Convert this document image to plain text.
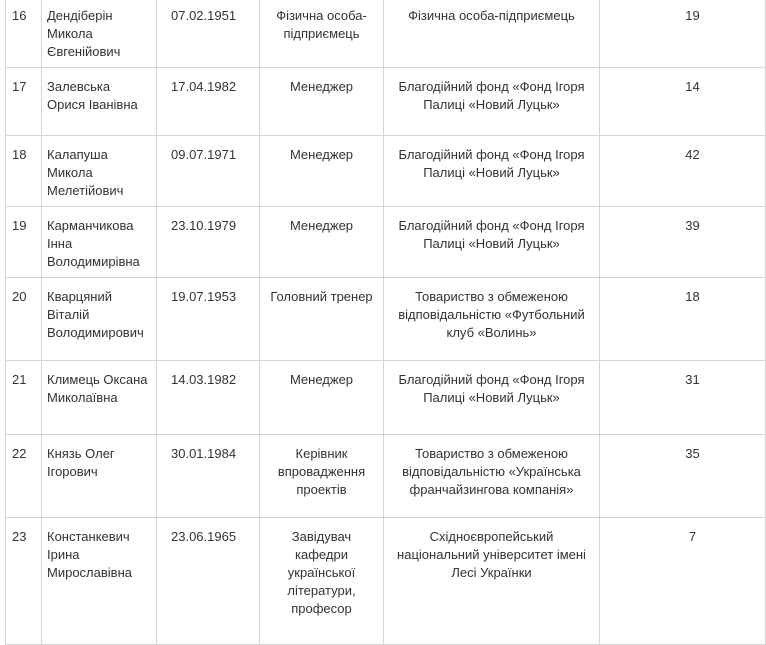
16	Дендіберін Микола Євгенійович	07.02.1951	Фізична особа-підприємець	Фізична особа-підприємець	19
17	Залевська Орися Іванівна	17.04.1982	Менеджер	Благодійний фонд «Фонд Ігоря Палиці «Новий Луцьк»	14
18	Калапуша Микола Мелетійович	09.07.1971	Менеджер	Благодійний фонд «Фонд Ігоря Палиці «Новий Луцьк»	42
19	Карманчикова Інна Володимирівна	23.10.1979	Менеджер	Благодійний фонд «Фонд Ігоря Палиці «Новий Луцьк»	39
20	Кварцяний Віталій Володимирович	19.07.1953	Головний тренер	Товариство з обмеженою відповідальністю «Футбольний клуб «Волинь»	18
21	Климець Оксана Миколаївна	14.03.1982	Менеджер	Благодійний фонд «Фонд Ігоря Палиці «Новий Луцьк»	31
22	Князь Олег Ігорович	30.01.1984	Керівник впровадження проектів	Товариство з обмеженою відповідальністю «Українська франчайзингова компанія»	35
23	Констанкевич Ірина Мирославівна	23.06.1965	Завідувач кафедри української літератури, професор	Східноєвропейський національний університет імені Лесі Українки	7
